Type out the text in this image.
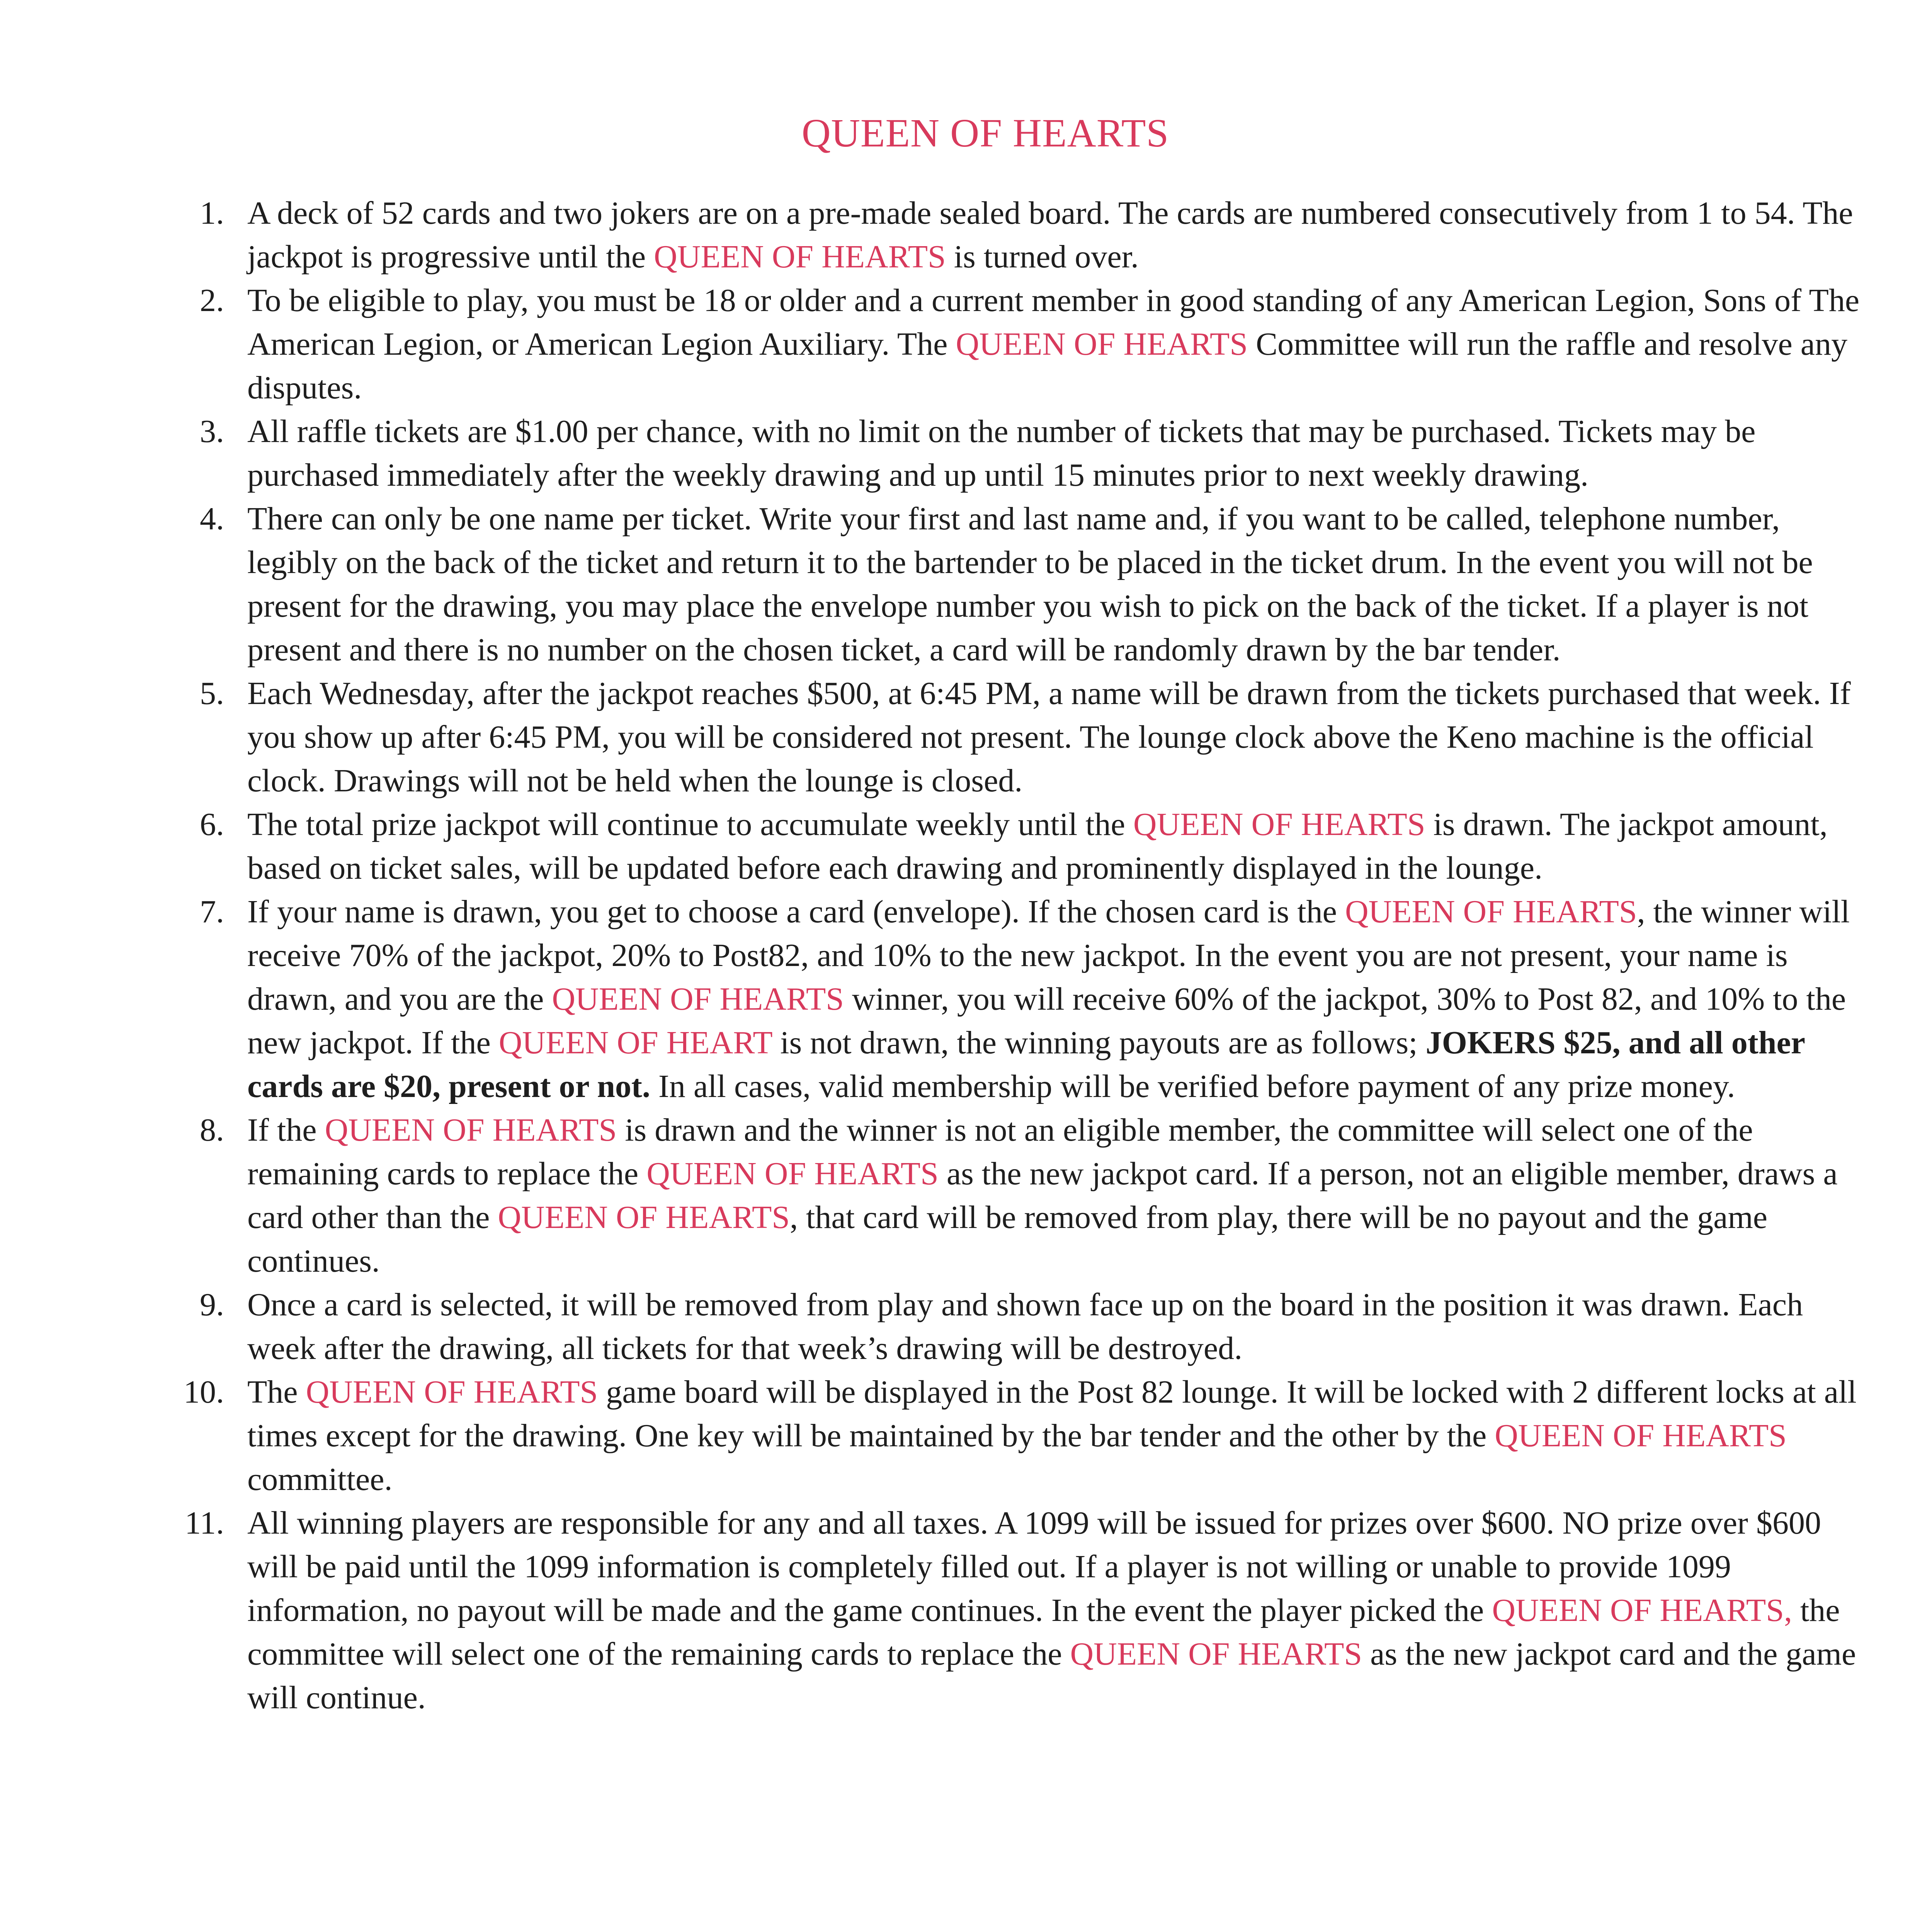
QUEEN OF HEARTS
1. A deck of 52 cards and two jokers are on a pre-made sealed board. The cards are numbered consecutively from 1 to 54. The jackpot is progressive until the QUEEN OF HEARTS is turned over.
2. To be eligible to play, you must be 18 or older and a current member in good standing of any American Legion, Sons of The American Legion, or American Legion Auxiliary. The QUEEN OF HEARTS Committee will run the raffle and resolve any disputes.
3. All raffle tickets are $1.00 per chance, with no limit on the number of tickets that may be purchased. Tickets may be purchased immediately after the weekly drawing and up until 15 minutes prior to next weekly drawing.
4. There can only be one name per ticket. Write your first and last name and, if you want to be called, telephone number, legibly on the back of the ticket and return it to the bartender to be placed in the ticket drum. In the event you will not be present for the drawing, you may place the envelope number you wish to pick on the back of the ticket. If a player is not present and there is no number on the chosen ticket, a card will be randomly drawn by the bar tender.
5. Each Wednesday, after the jackpot reaches $500, at 6:45 PM, a name will be drawn from the tickets purchased that week. If you show up after 6:45 PM, you will be considered not present. The lounge clock above the Keno machine is the official clock. Drawings will not be held when the lounge is closed.
6. The total prize jackpot will continue to accumulate weekly until the QUEEN OF HEARTS is drawn. The jackpot amount, based on ticket sales, will be updated before each drawing and prominently displayed in the lounge.
7. If your name is drawn, you get to choose a card (envelope). If the chosen card is the QUEEN OF HEARTS, the winner will receive 70% of the jackpot, 20% to Post82, and 10% to the new jackpot. In the event you are not present, your name is drawn, and you are the QUEEN OF HEARTS winner, you will receive 60% of the jackpot, 30% to Post 82, and 10% to the new jackpot. If the QUEEN OF HEART is not drawn, the winning payouts are as follows; JOKERS $25, and all other cards are $20, present or not. In all cases, valid membership will be verified before payment of any prize money.
8. If the QUEEN OF HEARTS is drawn and the winner is not an eligible member, the committee will select one of the remaining cards to replace the QUEEN OF HEARTS as the new jackpot card. If a person, not an eligible member, draws a card other than the QUEEN OF HEARTS, that card will be removed from play, there will be no payout and the game continues.
9. Once a card is selected, it will be removed from play and shown face up on the board in the position it was drawn. Each week after the drawing, all tickets for that week’s drawing will be destroyed.
10. The QUEEN OF HEARTS game board will be displayed in the Post 82 lounge. It will be locked with 2 different locks at all times except for the drawing. One key will be maintained by the bar tender and the other by the QUEEN OF HEARTS committee.
11. All winning players are responsible for any and all taxes. A 1099 will be issued for prizes over $600. NO prize over $600 will be paid until the 1099 information is completely filled out. If a player is not willing or unable to provide 1099 information, no payout will be made and the game continues. In the event the player picked the QUEEN OF HEARTS, the committee will select one of the remaining cards to replace the QUEEN OF HEARTS as the new jackpot card and the game will continue.
